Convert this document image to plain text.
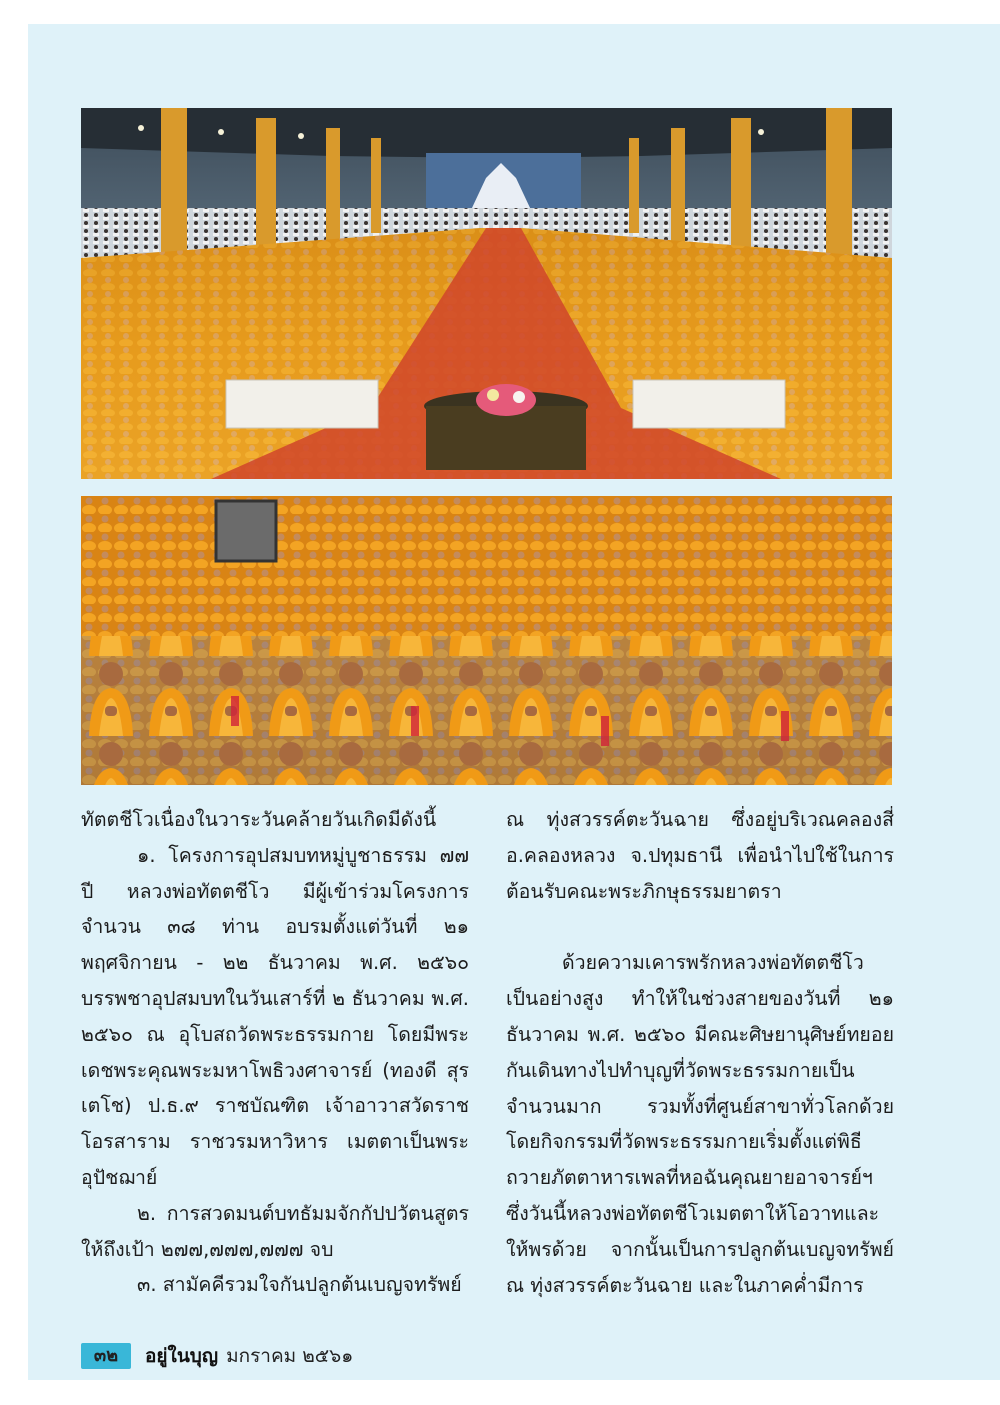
ทัตตชีโวเนื่องในวาระวันคล้ายวันเกิดมีดังนี้

๑. โครงการอุปสมบทหมู่บูชาธรรม ๗๗ ปี หลวงพ่อทัตตชีโว มีผู้เข้าร่วมโครงการจำนวน ๓๘ ท่าน อบรมตั้งแต่วันที่ ๒๑ พฤศจิกายน - ๒๒ ธันวาคม พ.ศ. ๒๕๖๐ บรรพชาอุปสมบทในวันเสาร์ที่ ๒ ธันวาคม พ.ศ. ๒๕๖๐ ณ อุโบสถวัดพระธรรมกาย โดยมีพระเดชพระคุณพระมหาโพธิวงศาจารย์ (ทองดี สุรเตโช) ป.ธ.๙ ราชบัณฑิต เจ้าอาวาสวัดราชโอรสาราม ราชวรมหาวิหาร เมตตาเป็นพระอุปัชฌาย์

๒. การสวดมนต์บทธัมมจักกัปปวัตนสูตรให้ถึงเป้า ๒๗๗,๗๗๗,๗๗๗ จบ

๓. สามัคคีรวมใจกันปลูกต้นเบญจทรัพย์

ณ ทุ่งสวรรค์ตะวันฉาย ซึ่งอยู่บริเวณคลองสี่ อ.คลองหลวง จ.ปทุมธานี เพื่อนำไปใช้ในการต้อนรับคณะพระภิกษุธรรมยาตรา

ด้วยความเคารพรักหลวงพ่อทัตตชีโวเป็นอย่างสูง ทำให้ในช่วงสายของวันที่ ๒๑ ธันวาคม พ.ศ. ๒๕๖๐ มีคณะศิษยานุศิษย์ทยอยกันเดินทางไปทำบุญที่วัดพระธรรมกายเป็นจำนวนมาก รวมทั้งที่ศูนย์สาขาทั่วโลกด้วย โดยกิจกรรมที่วัดพระธรรมกายเริ่มตั้งแต่พิธีถวายภัตตาหารเพลที่หอฉันคุณยายอาจารย์ฯ ซึ่งวันนี้หลวงพ่อทัตตชีโวเมตตาให้โอวาทและให้พรด้วย จากนั้นเป็นการปลูกต้นเบญจทรัพย์ ณ ทุ่งสวรรค์ตะวันฉาย และในภาคค่ำมีการ

๓๒	อยู่ในบุญ มกราคม ๒๕๖๑
